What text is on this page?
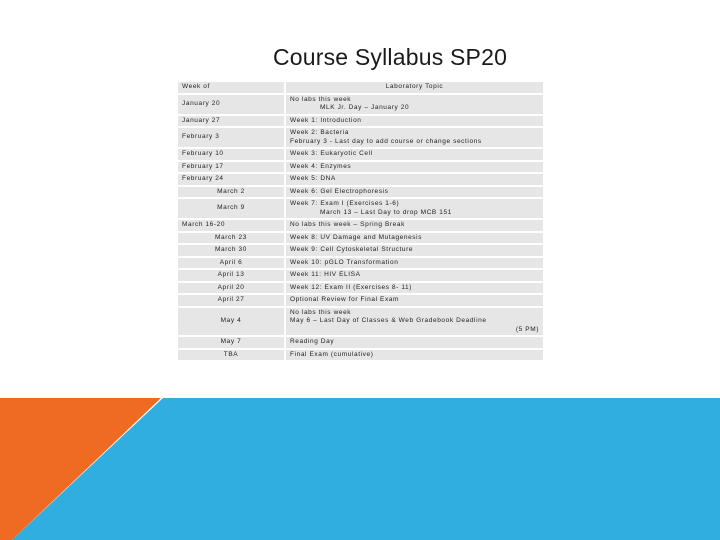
Course Syllabus SP20
Week of	Laboratory Topic
January 20	No labs this week
MLK Jr. Day – January 20

January 27	Week 1: Introduction
February 3	Week 2: Bacteria
February 3 - Last day to add course or change sections

February 10	Week 3: Eukaryotic Cell
February 17	Week 4: Enzymes
February 24	Week 5: DNA
March 2	Week 6: Gel Electrophoresis
March 9	Week 7: Exam I (Exercises 1-6)
March 13 – Last Day to drop MCB 151

March 16-20	No labs this week – Spring Break
March 23	Week 8: UV Damage and Mutagenesis
March 30	Week 9: Cell Cytoskeletal Structure
April 6	Week 10: pGLO Transformation
April 13	Week 11: HIV ELISA
April 20	Week 12: Exam II (Exercises 8- 11)
April 27	Optional Review for Final Exam
May 4	No labs this week
May 6 – Last Day of Classes & Web Gradebook Deadline
(5 PM)

May 7	Reading Day
TBA	Final Exam (cumulative)
